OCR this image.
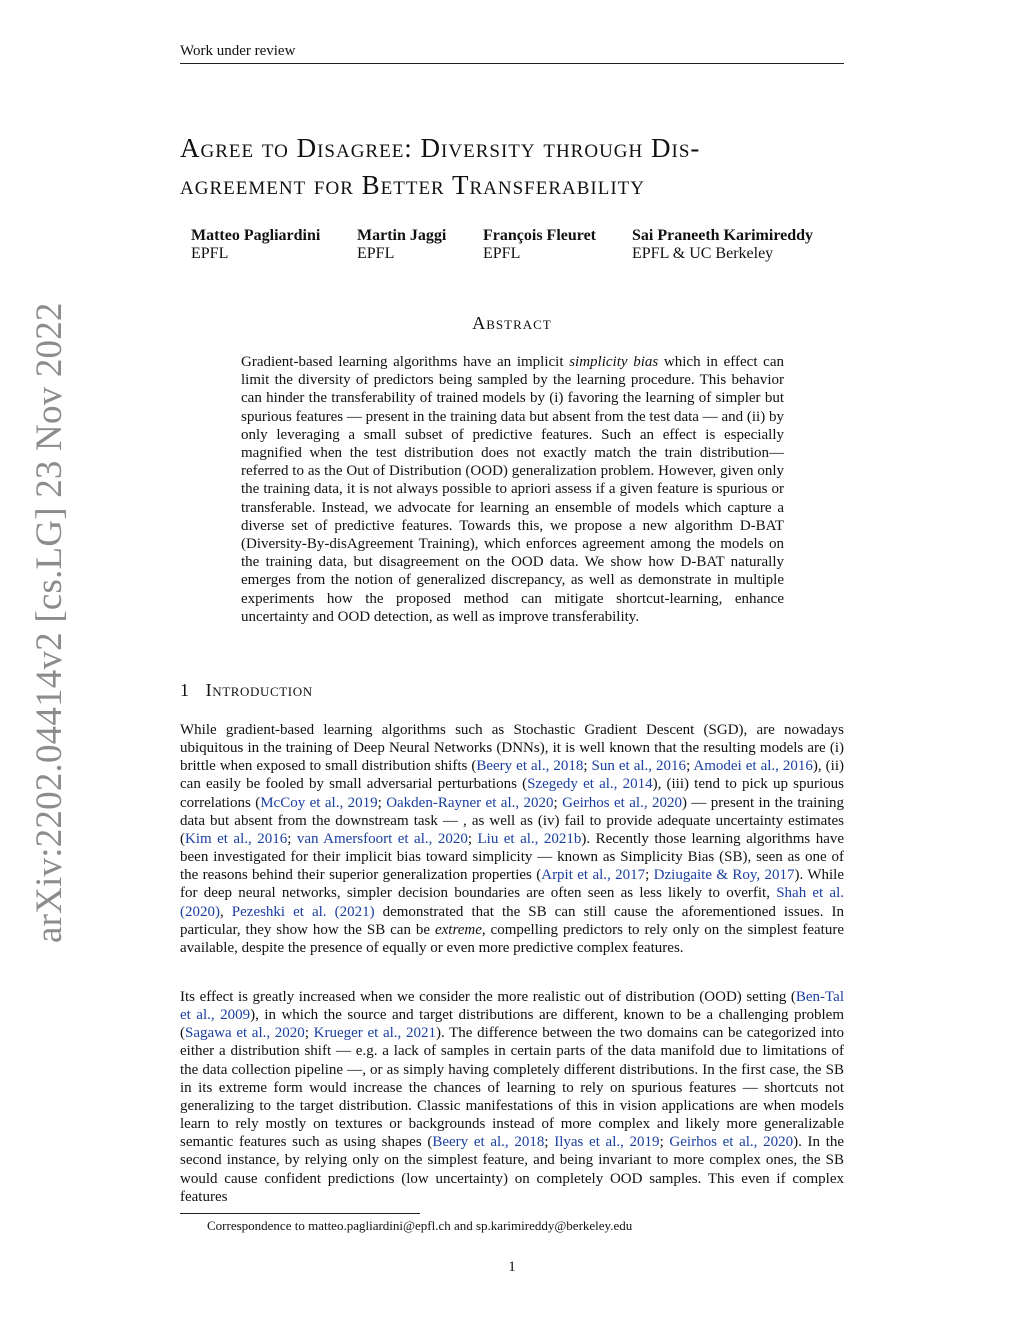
Work under review
arXiv:2202.04414v2 [cs.LG] 23 Nov 2022
Agree to Disagree: Diversity through Dis-
agreement for Better Transferability
Matteo Pagliardini
EPFL
Martin Jaggi
EPFL
François Fleuret
EPFL
Sai Praneeth Karimireddy
EPFL & UC Berkeley
Abstract

Gradient-based learning algorithms have an implicit simplicity bias which in effect can limit the diversity of predictors being sampled by the learning procedure. This behavior can hinder the transferability of trained models by (i) favoring the learning of simpler but spurious features — present in the training data but absent from the test data — and (ii) by only leveraging a small subset of predictive features. Such an effect is especially magnified when the test distribution does not exactly match the train distribution—referred to as the Out of Distribution (OOD) generalization problem. However, given only the training data, it is not always possible to apriori assess if a given feature is spurious or transferable. Instead, we advocate for learning an ensemble of models which capture a diverse set of predictive features. Towards this, we propose a new algorithm D-BAT (Diversity-By-disAgreement Training), which enforces agreement among the models on the training data, but disagreement on the OOD data. We show how D-BAT naturally emerges from the notion of generalized discrepancy, as well as demonstrate in multiple experiments how the proposed method can mitigate shortcut-learning, enhance uncertainty and OOD detection, as well as improve transferability.

1 Introduction

While gradient-based learning algorithms such as Stochastic Gradient Descent (SGD), are nowadays ubiquitous in the training of Deep Neural Networks (DNNs), it is well known that the resulting models are (i) brittle when exposed to small distribution shifts (Beery et al., 2018; Sun et al., 2016; Amodei et al., 2016), (ii) can easily be fooled by small adversarial perturbations (Szegedy et al., 2014), (iii) tend to pick up spurious correlations (McCoy et al., 2019; Oakden-Rayner et al., 2020; Geirhos et al., 2020) — present in the training data but absent from the downstream task — , as well as (iv) fail to provide adequate uncertainty estimates (Kim et al., 2016; van Amersfoort et al., 2020; Liu et al., 2021b). Recently those learning algorithms have been investigated for their implicit bias toward simplicity — known as Simplicity Bias (SB), seen as one of the reasons behind their superior generalization properties (Arpit et al., 2017; Dziugaite & Roy, 2017). While for deep neural networks, simpler decision boundaries are often seen as less likely to overfit, Shah et al. (2020), Pezeshki et al. (2021) demonstrated that the SB can still cause the aforementioned issues. In particular, they show how the SB can be extreme, compelling predictors to rely only on the simplest feature available, despite the presence of equally or even more predictive complex features.

Its effect is greatly increased when we consider the more realistic out of distribution (OOD) setting (Ben-Tal et al., 2009), in which the source and target distributions are different, known to be a challenging problem (Sagawa et al., 2020; Krueger et al., 2021). The difference between the two domains can be categorized into either a distribution shift — e.g. a lack of samples in certain parts of the data manifold due to limitations of the data collection pipeline —, or as simply having completely different distributions. In the first case, the SB in its extreme form would increase the chances of learning to rely on spurious features — shortcuts not generalizing to the target distribution. Classic manifestations of this in vision applications are when models learn to rely mostly on textures or backgrounds instead of more complex and likely more generalizable semantic features such as using shapes (Beery et al., 2018; Ilyas et al., 2019; Geirhos et al., 2020). In the second instance, by relying only on the simplest feature, and being invariant to more complex ones, the SB would cause confident predictions (low uncertainty) on completely OOD samples. This even if complex features

Correspondence to matteo.pagliardini@epfl.ch and sp.karimireddy@berkeley.edu
1
